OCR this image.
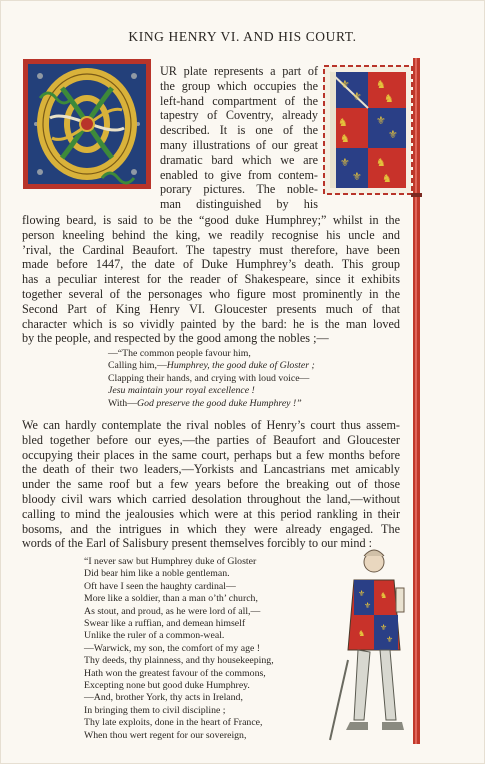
KING HENRY VI. AND HIS COURT.
⚜
⚜
♞
♞
♞
♞
⚜
⚜
⚜
⚜
♞
♞
⚜
⚜
⚜
⚜
♞
♞
UR plate represents a part of
the group which occupies the
left-hand compartment of the
tapestry of Coventry, already
described. It is one of the
many illustrations of our great
dramatic bard which we are
enabled to give from contem-
porary pictures. The noble-
man distinguished by his
flowing beard, is said to be the “good duke Humphrey;” whilst in the
person kneeling behind the king, we readily recognise his uncle and
’rival, the Cardinal Beaufort. The tapestry must therefore, have been
made before 1447, the date of Duke Humphrey’s death. This group
has a peculiar interest for the reader of Shakespeare, since it exhibits
together several of the personages who figure most prominently in the
Second Part of King Henry VI. Gloucester presents much of that
character which is so vividly painted by the bard: he is the man loved
by the people, and respected by the good among the nobles ;—
—“The common people favour him,
Calling him,—Humphrey, the good duke of Gloster ;
Clapping their hands, and crying with loud voice—
Jesu maintain your royal excellence !
With—God preserve the good duke Humphrey !”
We can hardly contemplate the rival nobles of Henry’s court thus assem-
bled together before our eyes,—the parties of Beaufort and Gloucester
occupying their places in the same court, perhaps but a few months before
the death of their two leaders,—Yorkists and Lancastrians met amicably
under the same roof but a few years before the breaking out of those
bloody civil wars which carried desolation throughout the land,—without
calling to mind the jealousies which were at this period rankling in their
bosoms, and the intrigues in which they were already engaged. The
words of the Earl of Salisbury present themselves forcibly to our mind :
“I never saw but Humphrey duke of Gloster
Did bear him like a noble gentleman.
Oft have I seen the haughty cardinal—
More like a soldier, than a man o’th’ church,
As stout, and proud, as he were lord of all,—
Swear like a ruffian, and demean himself
Unlike the ruler of a common-weal.
—Warwick, my son, the comfort of my age !
Thy deeds, thy plainness, and thy housekeeping,
Hath won the greatest favour of the commons,
Excepting none but good duke Humphrey.
—And, brother York, thy acts in Ireland,
In bringing them to civil discipline ;
Thy late exploits, done in the heart of France,
When thou wert regent for our sovereign,
